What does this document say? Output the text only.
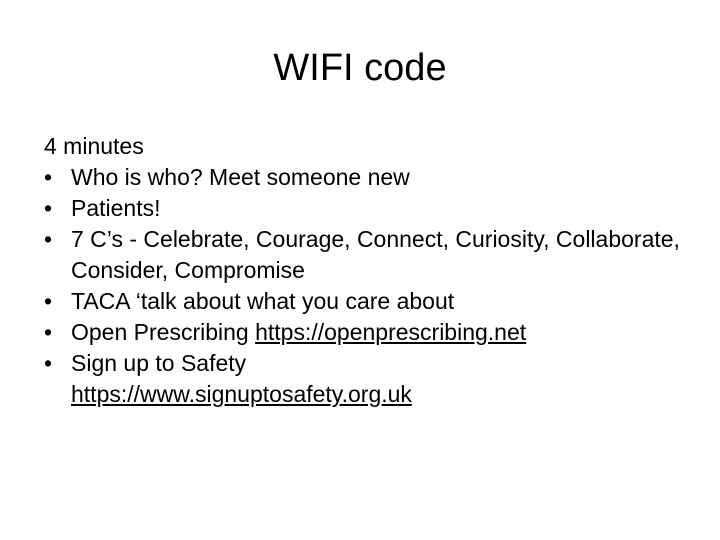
WIFI code

4 minutes

• Who is who? Meet someone new
• Patients!
• 7 C’s - Celebrate, Courage, Connect, Curiosity, Collaborate, Consider, Compromise
• TACA ‘talk about what you care about
• Open Prescribing https://openprescribing.net
• Sign up to Safety
https://www.signuptosafety.org.uk
